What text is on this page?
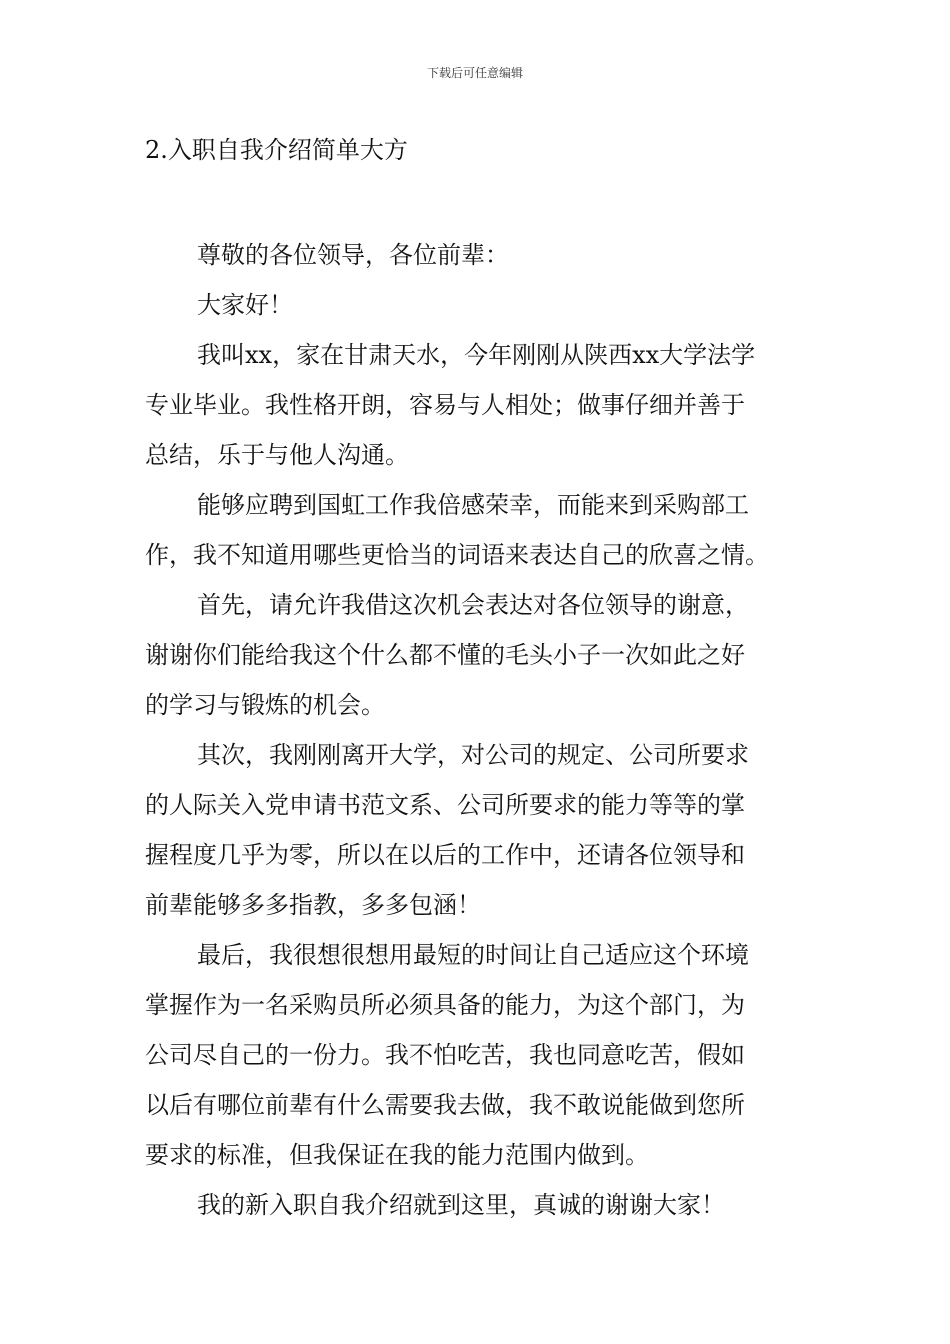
下载后可任意编辑
2.入职自我介绍简单大方
尊敬的各位领导，各位前辈：
大家好！
我叫xx，家在甘肃天水，今年刚刚从陕西xx大学法学
专业毕业。我性格开朗，容易与人相处；做事仔细并善于
总结，乐于与他人沟通。
能够应聘到国虹工作我倍感荣幸，而能来到采购部工
作，我不知道用哪些更恰当的词语来表达自己的欣喜之情。
首先，请允许我借这次机会表达对各位领导的谢意，
谢谢你们能给我这个什么都不懂的毛头小子一次如此之好
的学习与锻炼的机会。
其次，我刚刚离开大学，对公司的规定、公司所要求
的人际关入党申请书范文系、公司所要求的能力等等的掌
握程度几乎为零，所以在以后的工作中，还请各位领导和
前辈能够多多指教，多多包涵！
最后，我很想很想用最短的时间让自己适应这个环境
掌握作为一名采购员所必须具备的能力，为这个部门，为
公司尽自己的一份力。我不怕吃苦，我也同意吃苦，假如
以后有哪位前辈有什么需要我去做，我不敢说能做到您所
要求的标准，但我保证在我的能力范围内做到。
我的新入职自我介绍就到这里，真诚的谢谢大家！
